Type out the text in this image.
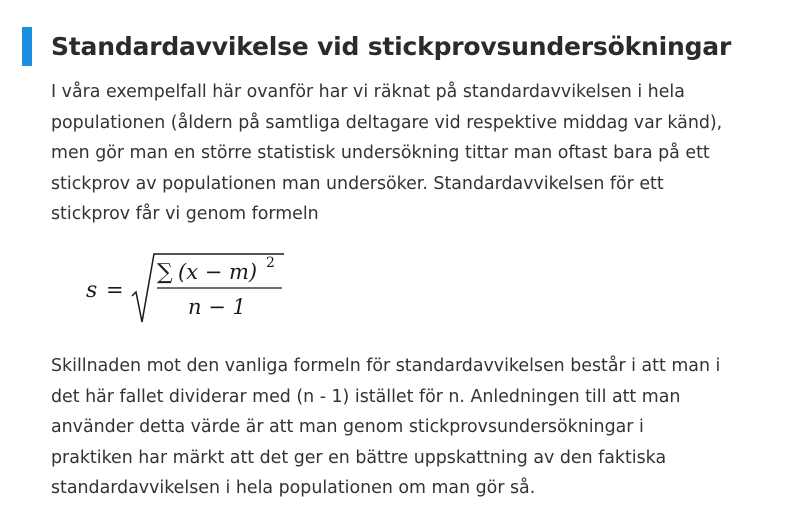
Standardavvikelse vid stickprovsundersökningar

I våra exempelfall här ovanför har vi räknat på standardavvikelsen i hela
populationen (åldern på samtliga deltagare vid respektive middag var känd),
men gör man en större statistisk undersökning tittar man oftast bara på ett
stickprov av populationen man undersöker. Standardavvikelsen för ett
stickprov får vi genom formeln

s =
∑ (x − m) 2
n − 1

Skillnaden mot den vanliga formeln för standardavvikelsen består i att man i
det här fallet dividerar med (n - 1) istället för n. Anledningen till att man
använder detta värde är att man genom stickprovsundersökningar i
praktiken har märkt att det ger en bättre uppskattning av den faktiska
standardavvikelsen i hela populationen om man gör så.
